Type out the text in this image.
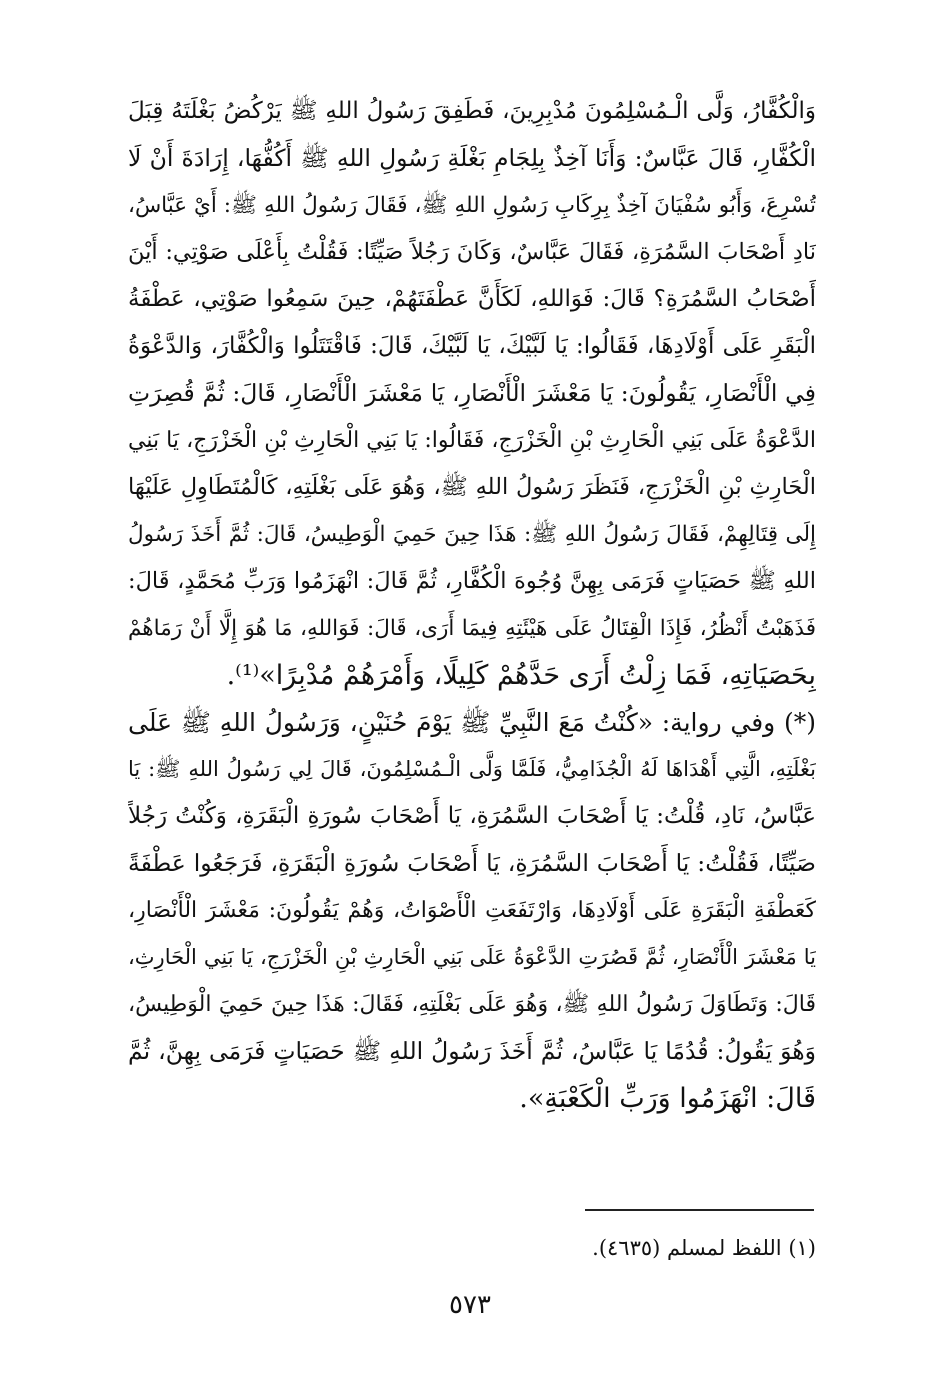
وَالْكُفَّارُ، وَلَّى الْـمُسْلِمُونَ مُدْبِرِينَ، فَطَفِقَ رَسُولُ اللهِ ﷺ يَرْكُضُ بَغْلَتَهُ قِبَلَ
الْكُفَّارِ، قَالَ عَبَّاسٌ: وَأَنَا آخِذٌ بِلِجَامِ بَغْلَةِ رَسُولِ اللهِ ﷺ أَكُفُّهَا، إِرَادَةَ أَنْ لَا
تُسْرِعَ، وَأَبُو سُفْيَانَ آخِذٌ بِرِكَابِ رَسُولِ اللهِ ﷺ، فَقَالَ رَسُولُ اللهِ ﷺ: أَيْ عَبَّاسُ،
نَادِ أَصْحَابَ السَّمُرَةِ، فَقَالَ عَبَّاسٌ، وَكَانَ رَجُلاً صَيِّتًا: فَقُلْتُ بِأَعْلَى صَوْتِي: أَيْنَ
أَصْحَابُ السَّمُرَةِ؟ قَالَ: فَوَاللهِ، لَكَأَنَّ عَطْفَتَهُمْ، حِينَ سَمِعُوا صَوْتِي، عَطْفَةُ
الْبَقَرِ عَلَى أَوْلَادِهَا، فَقَالُوا: يَا لَبَّيْكَ، يَا لَبَّيْكَ، قَالَ: فَاقْتَتَلُوا وَالْكُفَّارَ، وَالدَّعْوَةُ
فِي الْأَنْصَارِ، يَقُولُونَ: يَا مَعْشَرَ الْأَنْصَارِ، يَا مَعْشَرَ الْأَنْصَارِ، قَالَ: ثُمَّ قُصِرَتِ
الدَّعْوَةُ عَلَى بَنِي الْحَارِثِ بْنِ الْخَزْرَجِ، فَقَالُوا: يَا بَنِي الْحَارِثِ بْنِ الْخَزْرَجِ، يَا بَنِي
الْحَارِثِ بْنِ الْخَزْرَجِ، فَنَظَرَ رَسُولُ اللهِ ﷺ، وَهُوَ عَلَى بَغْلَتِهِ، كَالْمُتَطَاوِلِ عَلَيْهَا
إِلَى قِتَالِهِمْ، فَقَالَ رَسُولُ اللهِ ﷺ: هَذَا حِينَ حَمِيَ الْوَطِيسُ، قَالَ: ثُمَّ أَخَذَ رَسُولُ
اللهِ ﷺ حَصَيَاتٍ فَرَمَى بِهِنَّ وُجُوهَ الْكُفَّارِ، ثُمَّ قَالَ: انْهَزَمُوا وَرَبِّ مُحَمَّدٍ، قَالَ:
فَذَهَبْتُ أَنْظُرُ، فَإِذَا الْقِتَالُ عَلَى هَيْئَتِهِ فِيمَا أَرَى، قَالَ: فَوَاللهِ، مَا هُوَ إِلَّا أَنْ رَمَاهُمْ
بِحَصَيَاتِهِ، فَمَا زِلْتُ أَرَى حَدَّهُمْ كَلِيلًا، وَأَمْرَهُمْ مُدْبِرًا»⁽¹⁾.
(*) وفي رواية: «كُنْتُ مَعَ النَّبِيِّ ﷺ يَوْمَ حُنَيْنٍ، وَرَسُولُ اللهِ ﷺ عَلَى
بَغْلَتِهِ، الَّتِي أَهْدَاهَا لَهُ الْجُذَامِيُّ، فَلَمَّا وَلَّى الْـمُسْلِمُونَ، قَالَ لِي رَسُولُ اللهِ ﷺ: يَا
عَبَّاسُ، نَادِ، قُلْتُ: يَا أَصْحَابَ السَّمُرَةِ، يَا أَصْحَابَ سُورَةِ الْبَقَرَةِ، وَكُنْتُ رَجُلاً
صَيِّتًا، فَقُلْتُ: يَا أَصْحَابَ السَّمُرَةِ، يَا أَصْحَابَ سُورَةِ الْبَقَرَةِ، فَرَجَعُوا عَطْفَةً
كَعَطْفَةِ الْبَقَرَةِ عَلَى أَوْلَادِهَا، وَارْتَفَعَتِ الْأَصْوَاتُ، وَهُمْ يَقُولُونَ: مَعْشَرَ الْأَنْصَارِ،
يَا مَعْشَرَ الْأَنْصَارِ، ثُمَّ قَصُرَتِ الدَّعْوَةُ عَلَى بَنِي الْحَارِثِ بْنِ الْخَزْرَجِ، يَا بَنِي الْحَارِثِ،
قَالَ: وَتَطَاوَلَ رَسُولُ اللهِ ﷺ، وَهُوَ عَلَى بَغْلَتِهِ، فَقَالَ: هَذَا حِينَ حَمِيَ الْوَطِيسُ،
وَهُوَ يَقُولُ: قُدُمًا يَا عَبَّاسُ، ثُمَّ أَخَذَ رَسُولُ اللهِ ﷺ حَصَيَاتٍ فَرَمَى بِهِنَّ، ثُمَّ
قَالَ: انْهَزَمُوا وَرَبِّ الْكَعْبَةِ».
(١) اللفظ لمسلم (٤٦٣٥).
٥٧٣
